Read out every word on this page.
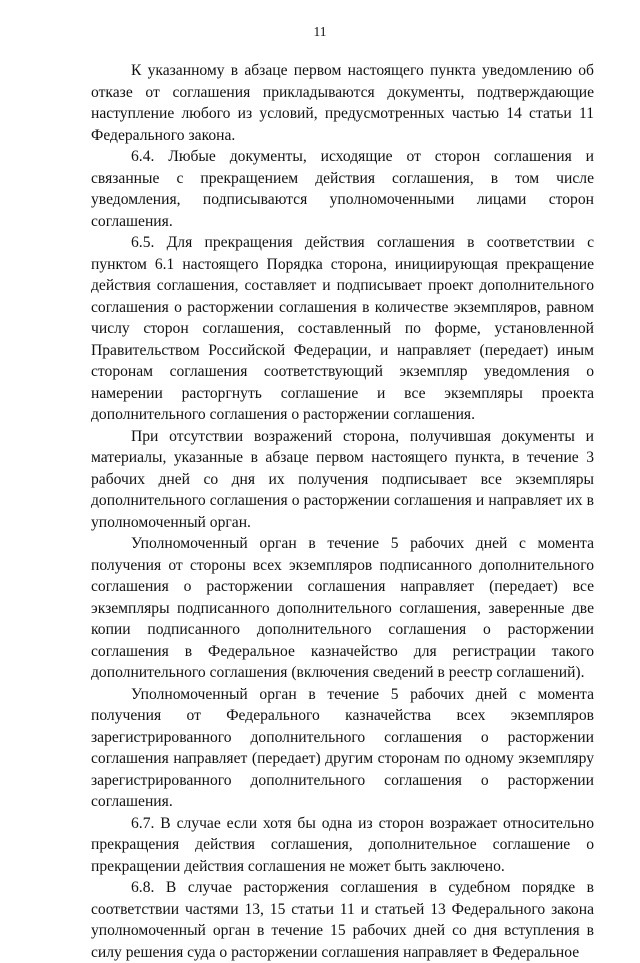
11

К указанному в абзаце первом настоящего пункта уведомлению об отказе от соглашения прикладываются документы, подтверждающие наступление любого из условий, предусмотренных частью 14 статьи 11 Федерального закона.

6.4. Любые документы, исходящие от сторон соглашения и связанные с прекращением действия соглашения, в том числе уведомления, подписываются уполномоченными лицами сторон соглашения.

6.5. Для прекращения действия соглашения в соответствии с пунктом 6.1 настоящего Порядка сторона, инициирующая прекращение действия соглашения, составляет и подписывает проект дополнительного соглашения о расторжении соглашения в количестве экземпляров, равном числу сторон соглашения, составленный по форме, установленной Правительством Российской Федерации, и направляет (передает) иным сторонам соглашения соответствующий экземпляр уведомления о намерении расторгнуть соглашение и все экземпляры проекта дополнительного соглашения о расторжении соглашения.

При отсутствии возражений сторона, получившая документы и материалы, указанные в абзаце первом настоящего пункта, в течение 3 рабочих дней со дня их получения подписывает все экземпляры дополнительного соглашения о расторжении соглашения и направляет их в уполномоченный орган.

Уполномоченный орган в течение 5 рабочих дней с момента получения от стороны всех экземпляров подписанного дополнительного соглашения о расторжении соглашения направляет (передает) все экземпляры подписанного дополнительного соглашения, заверенные две копии подписанного дополнительного соглашения о расторжении соглашения в Федеральное казначейство для регистрации такого дополнительного соглашения (включения сведений в реестр соглашений).

Уполномоченный орган в течение 5 рабочих дней с момента получения от Федерального казначейства всех экземпляров зарегистрированного дополнительного соглашения о расторжении соглашения направляет (передает) другим сторонам по одному экземпляру зарегистрированного дополнительного соглашения о расторжении соглашения.

6.7. В случае если хотя бы одна из сторон возражает относительно прекращения действия соглашения, дополнительное соглашение о прекращении действия соглашения не может быть заключено.

6.8. В случае расторжения соглашения в судебном порядке в соответствии частями 13, 15 статьи 11 и статьей 13 Федерального закона уполномоченный орган в течение 15 рабочих дней со дня вступления в силу решения суда о расторжении соглашения направляет в Федеральное
